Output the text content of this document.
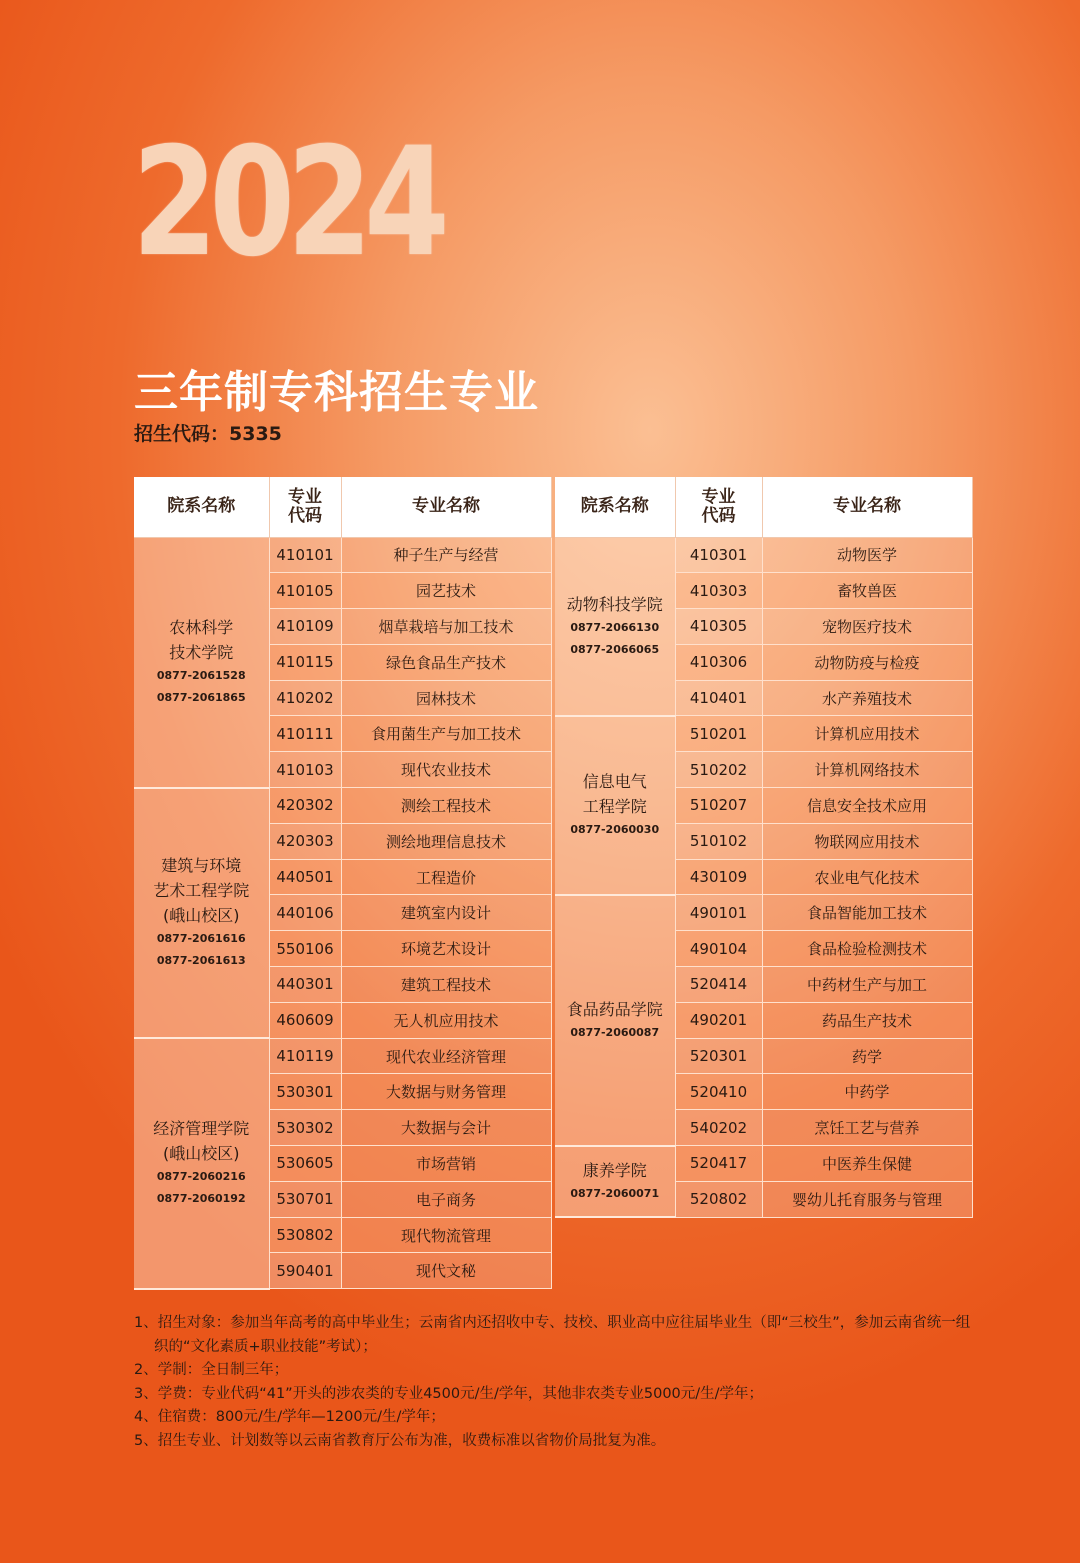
2024
三年制专科招生专业
招生代码：5335
院系名称	专业
代码	专业名称

农林科学
技术学院
0877-2061528
0877-2061865	410101	种子生产与经营
	410105	园艺技术
	410109	烟草栽培与加工技术
	410115	绿色食品生产技术
	410202	园林技术
	410111	食用菌生产与加工技术
	410103	现代农业技术

建筑与环境
艺术工程学院
(峨山校区)
0877-2061616
0877-2061613	420302	测绘工程技术
	420303	测绘地理信息技术
	440501	工程造价
	440106	建筑室内设计
	550106	环境艺术设计
	440301	建筑工程技术
	460609	无人机应用技术

经济管理学院
(峨山校区)
0877-2060216
0877-2060192	410119	现代农业经济管理
	530301	大数据与财务管理
	530302	大数据与会计
	530605	市场营销
	530701	电子商务
	530802	现代物流管理
	590401	现代文秘
院系名称	专业
代码	专业名称

动物科技学院
0877-2066130
0877-2066065	410301	动物医学
	410303	畜牧兽医
	410305	宠物医疗技术
	410306	动物防疫与检疫
	410401	水产养殖技术

信息电气
工程学院
0877-2060030	510201	计算机应用技术
	510202	计算机网络技术
	510207	信息安全技术应用
	510102	物联网应用技术
	430109	农业电气化技术

食品药品学院
0877-2060087	490101	食品智能加工技术
	490104	食品检验检测技术
	520414	中药材生产与加工
	490201	药品生产技术
	520301	药学
	520410	中药学
	540202	烹饪工艺与营养

康养学院
0877-2060071	520417	中医养生保健
	520802	婴幼儿托育服务与管理
1、招生对象：参加当年高考的高中毕业生；云南省内还招收中专、技校、职业高中应往届毕业生（即“三校生”，参加云南省统一组织的“文化素质+职业技能”考试）；
2、学制：全日制三年；
3、学费：专业代码“41”开头的涉农类的专业4500元/生/学年，其他非农类专业5000元/生/学年；
4、住宿费：800元/生/学年—1200元/生/学年；
5、招生专业、计划数等以云南省教育厅公布为准，收费标准以省物价局批复为准。
